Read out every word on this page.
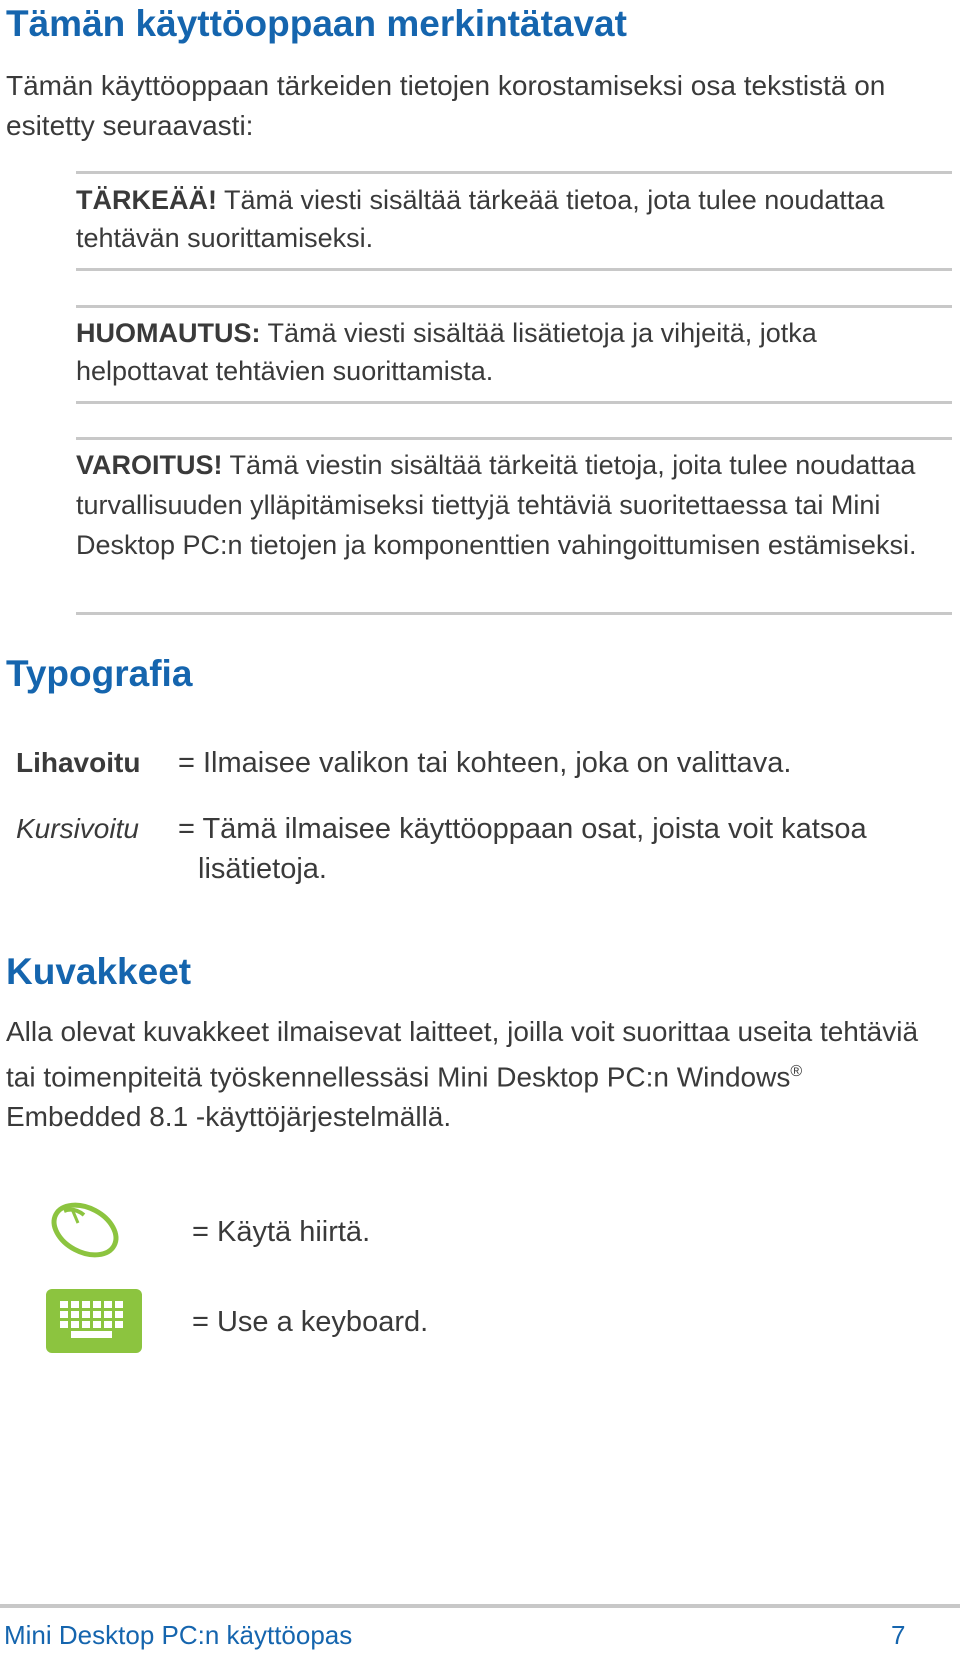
Tämän käyttöoppaan merkintätavat

Tämän käyttöoppaan tärkeiden tietojen korostamiseksi osa tekstistä on esitetty seuraavasti:

TÄRKEÄÄ! Tämä viesti sisältää tärkeää tietoa, jota tulee noudattaa tehtävän suorittamiseksi.

HUOMAUTUS: Tämä viesti sisältää lisätietoja ja vihjeitä, jotka helpottavat tehtävien suorittamista.

VAROITUS! Tämä viestin sisältää tärkeitä tietoja, joita tulee noudattaa turvallisuuden ylläpitämiseksi tiettyjä tehtäviä suoritettaessa tai Mini Desktop PC:n tietojen ja komponenttien vahingoittumisen estämiseksi.

Typografia
Lihavoitu = Ilmaisee valikon tai kohteen, joka on valittava.
Kursivoitu = Tämä ilmaisee käyttöoppaan osat, joista voit katsoa lisätietoja.
Kuvakkeet

Alla olevat kuvakkeet ilmaisevat laitteet, joilla voit suorittaa useita tehtäviä tai toimenpiteitä työskennellessäsi Mini Desktop PC:n Windows® Embedded 8.1 -käyttöjärjestelmällä.

= Käytä hiirtä.
= Use a keyboard.
Mini Desktop PC:n käyttöopas	7
